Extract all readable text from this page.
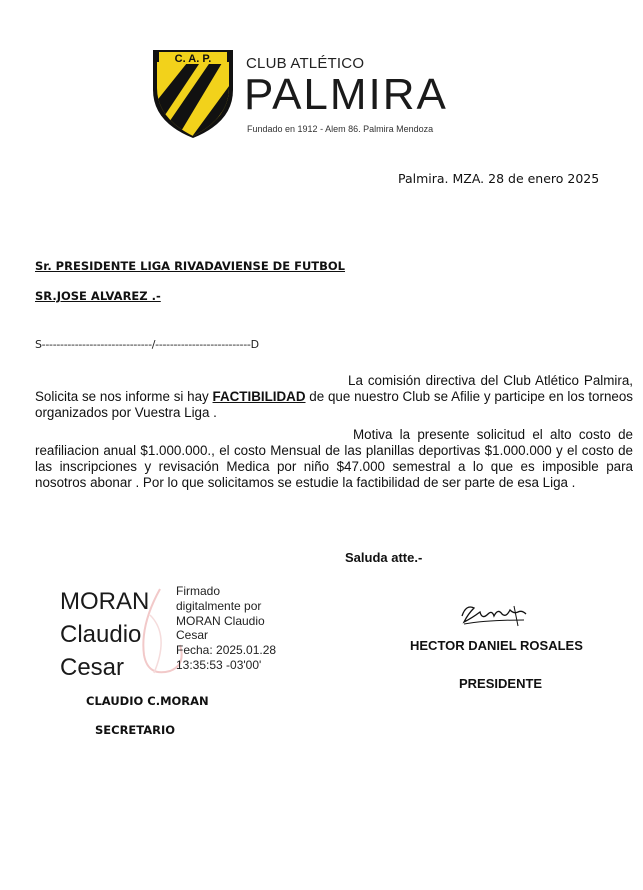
C. A. P. CLUB ATLÉTICO
PALMIRA
Fundado en 1912 - Alem 86. Palmira Mendoza
Palmira. MZA. 28 de enero 2025
Sr. PRESIDENTE LIGA RIVADAVIENSE DE FUTBOL
SR.JOSE ALVAREZ .-
S------------------------------/--------------------------D

La comisión directiva del Club Atlético Palmira, Solicita se nos informe si hay FACTIBILIDAD de que nuestro Club se Afilie y participe en los torneos organizados por Vuestra Liga .

Motiva la presente solicitud el alto costo de reafiliacion anual $1.000.000., el costo Mensual de las planillas deportivas $1.000.000 y el costo de las inscripciones y revisación Medica por niño $47.000 semestral a lo que es imposible para nosotros abonar . Por lo que solicitamos se estudie la factibilidad de ser parte de esa Liga .

Saluda atte.-
MORAN
Claudio
Cesar
Firmado
digitalmente por
MORAN Claudio
Cesar
Fecha: 2025.01.28
13:35:53 -03'00'
CLAUDIO C.MORAN
SECRETARIO
HECTOR DANIEL ROSALES
PRESIDENTE
